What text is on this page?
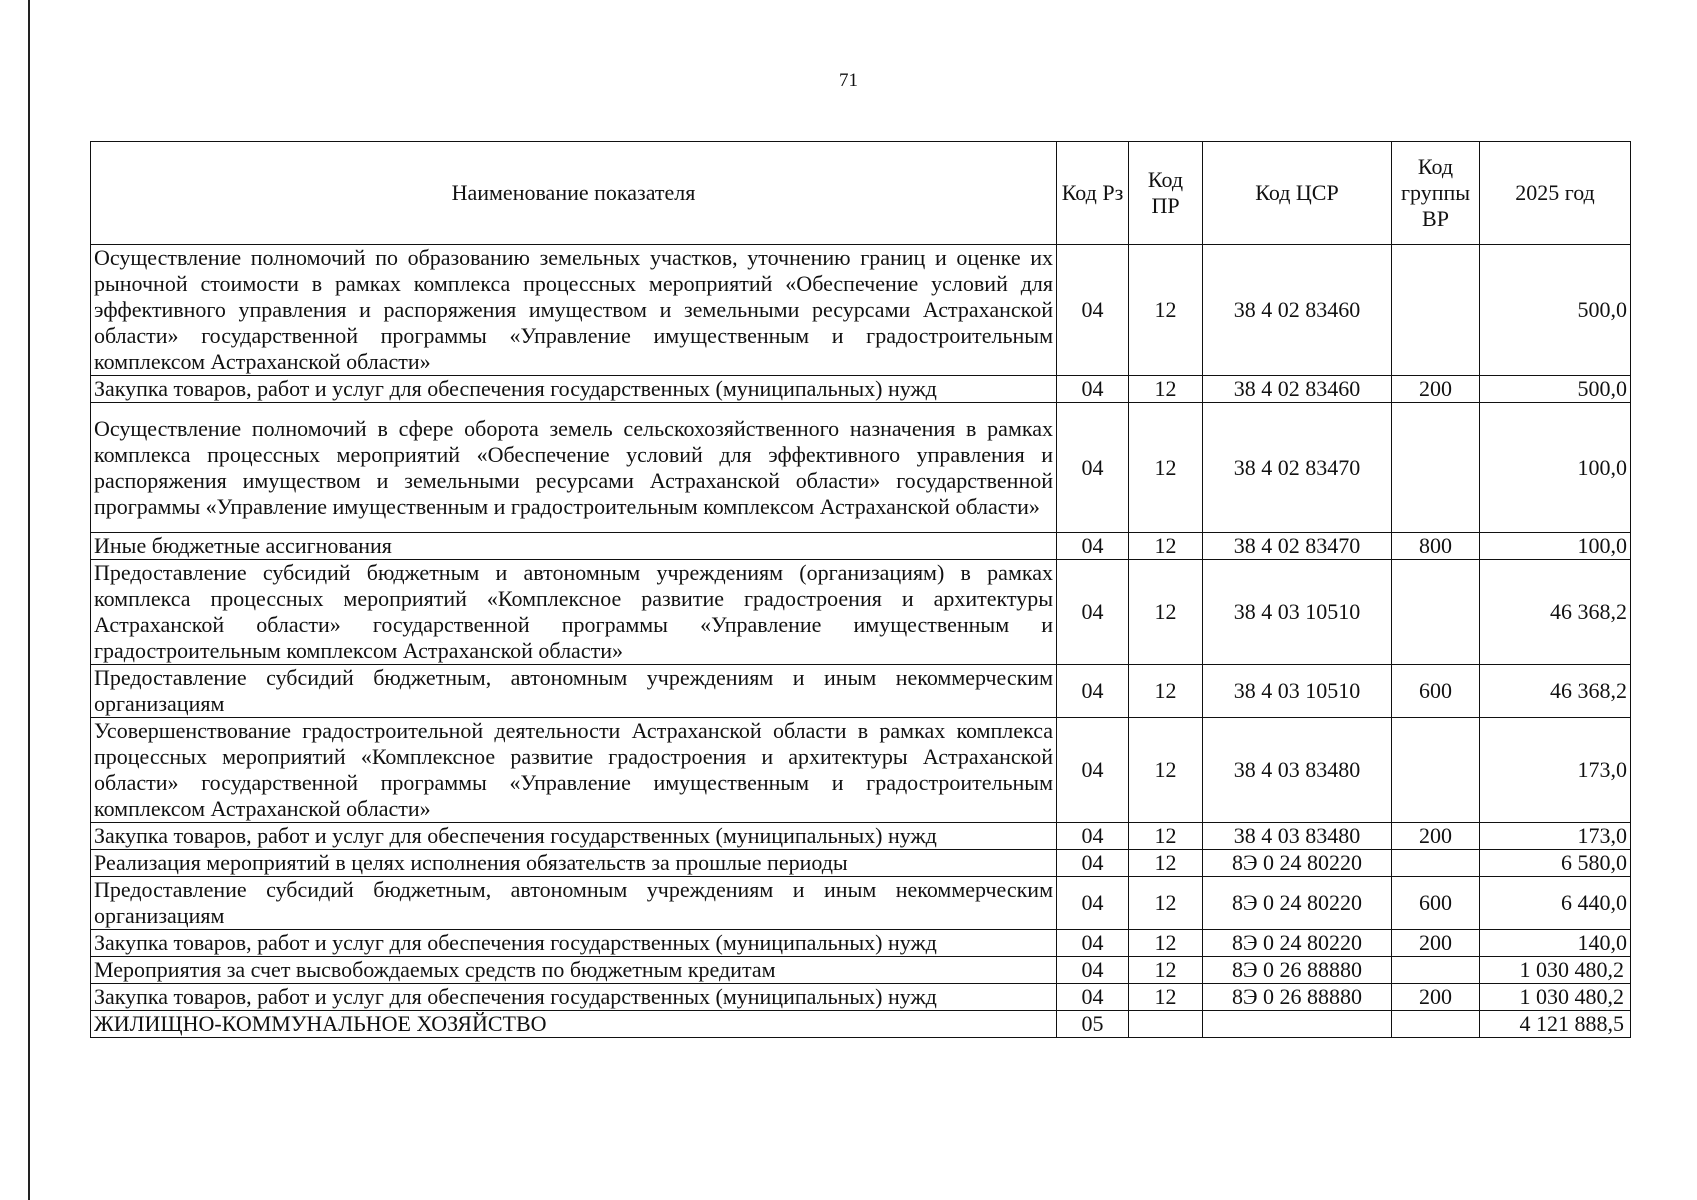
71
Наименование показателя	Код Рз	Код ПР	Код ЦСР	Код группы ВР	2025 год
Осуществление полномочий по образованию земельных участков, уточнению границ и оценке их рыночной стоимости в рамках комплекса процессных мероприятий «Обеспечение условий для эффективного управления и распоряжения имуществом и земельными ресурсами Астраханской области» государственной программы «Управление имущественным и градостроительным комплексом Астраханской области»	04	12	38 4 02 83460		500,0
Закупка товаров, работ и услуг для обеспечения государственных (муниципальных) нужд	04	12	38 4 02 83460	200	500,0
Осуществление полномочий в сфере оборота земель сельскохозяйственного назначения в рамках комплекса процессных мероприятий «Обеспечение условий для эффективного управления и распоряжения имуществом и земельными ресурсами Астраханской области» государственной программы «Управление имущественным и градостроительным комплексом Астраханской области»	04	12	38 4 02 83470		100,0
Иные бюджетные ассигнования	04	12	38 4 02 83470	800	100,0
Предоставление субсидий бюджетным и автономным учреждениям (организациям) в рамках комплекса процессных мероприятий «Комплексное развитие градостроения и архитектуры Астраханской области» государственной программы «Управление имущественным и градостроительным комплексом Астраханской области»	04	12	38 4 03 10510		46 368,2
Предоставление субсидий бюджетным, автономным учреждениям и иным некоммерческим организациям	04	12	38 4 03 10510	600	46 368,2
Усовершенствование градостроительной деятельности Астраханской области в рамках комплекса процессных мероприятий «Комплексное развитие градостроения и архитектуры Астраханской области» государственной программы «Управление имущественным и градостроительным комплексом Астраханской области»	04	12	38 4 03 83480		173,0
Закупка товаров, работ и услуг для обеспечения государственных (муниципальных) нужд	04	12	38 4 03 83480	200	173,0
Реализация мероприятий в целях исполнения обязательств за прошлые периоды	04	12	8Э 0 24 80220		6 580,0
Предоставление субсидий бюджетным, автономным учреждениям и иным некоммерческим организациям	04	12	8Э 0 24 80220	600	6 440,0
Закупка товаров, работ и услуг для обеспечения государственных (муниципальных) нужд	04	12	8Э 0 24 80220	200	140,0
Мероприятия за счет высвобождаемых средств по бюджетным кредитам	04	12	8Э 0 26 88880		1 030 480,2
Закупка товаров, работ и услуг для обеспечения государственных (муниципальных) нужд	04	12	8Э 0 26 88880	200	1 030 480,2
ЖИЛИЩНО-КОММУНАЛЬНОЕ ХОЗЯЙСТВО	05				4 121 888,5
